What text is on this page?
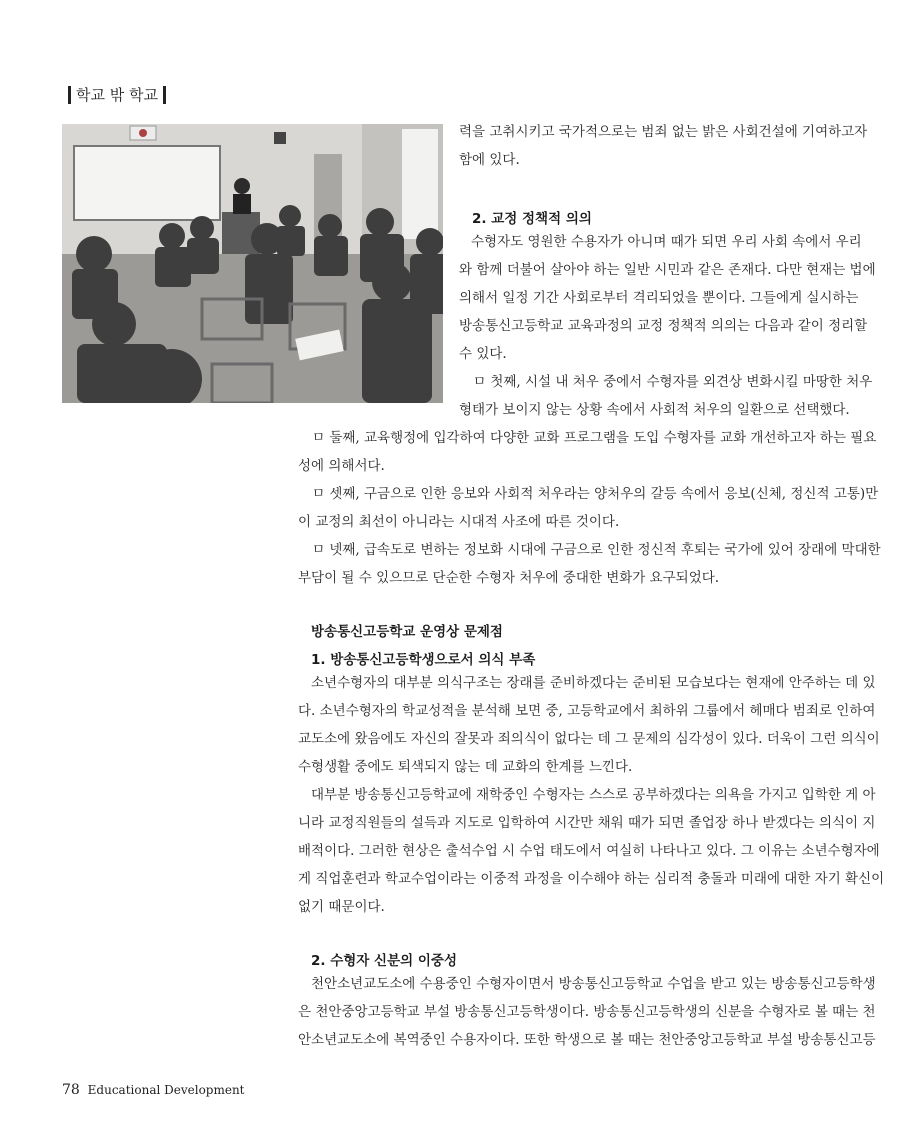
학교 밖 학교
력을 고취시키고 국가적으로는 범죄 없는 밝은 사회건설에 기여하고자
함에 있다.
2. 교정 정책적 의의
수형자도 영원한 수용자가 아니며 때가 되면 우리 사회 속에서 우리
와 함께 더불어 살아야 하는 일반 시민과 같은 존재다. 다만 현재는 법에
의해서 일정 기간 사회로부터 격리되었을 뿐이다. 그들에게 실시하는
방송통신고등학교 교육과정의 교정 정책적 의의는 다음과 같이 정리할
수 있다.
ㅁ 첫째, 시설 내 처우 중에서 수형자를 외견상 변화시킬 마땅한 처우
형태가 보이지 않는 상황 속에서 사회적 처우의 일환으로 선택했다.
ㅁ 둘째, 교육행정에 입각하여 다양한 교화 프로그램을 도입 수형자를 교화 개선하고자 하는 필요
성에 의해서다.
ㅁ 셋째, 구금으로 인한 응보와 사회적 처우라는 양처우의 갈등 속에서 응보(신체, 정신적 고통)만
이 교정의 최선이 아니라는 시대적 사조에 따른 것이다.
ㅁ 넷째, 급속도로 변하는 정보화 시대에 구금으로 인한 정신적 후퇴는 국가에 있어 장래에 막대한
부담이 될 수 있으므로 단순한 수형자 처우에 중대한 변화가 요구되었다.
방송통신고등학교 운영상 문제점
1. 방송통신고등학생으로서 의식 부족
소년수형자의 대부분 의식구조는 장래를 준비하겠다는 준비된 모습보다는 현재에 안주하는 데 있
다. 소년수형자의 학교성적을 분석해 보면 중, 고등학교에서 최하위 그룹에서 헤매다 범죄로 인하여
교도소에 왔음에도 자신의 잘못과 죄의식이 없다는 데 그 문제의 심각성이 있다. 더욱이 그런 의식이
수형생활 중에도 퇴색되지 않는 데 교화의 한계를 느낀다.
대부분 방송통신고등학교에 재학중인 수형자는 스스로 공부하겠다는 의욕을 가지고 입학한 게 아
니라 교정직원들의 설득과 지도로 입학하여 시간만 채워 때가 되면 졸업장 하나 받겠다는 의식이 지
배적이다. 그러한 현상은 출석수업 시 수업 태도에서 여실히 나타나고 있다. 그 이유는 소년수형자에
게 직업훈련과 학교수업이라는 이중적 과정을 이수해야 하는 심리적 충돌과 미래에 대한 자기 확신이
없기 때문이다.
2. 수형자 신분의 이중성
천안소년교도소에 수용중인 수형자이면서 방송통신고등학교 수업을 받고 있는 방송통신고등학생
은 천안중앙고등학교 부설 방송통신고등학생이다. 방송통신고등학생의 신분을 수형자로 볼 때는 천
안소년교도소에 복역중인 수용자이다. 또한 학생으로 볼 때는 천안중앙고등학교 부설 방송통신고등
78 Educational Development
